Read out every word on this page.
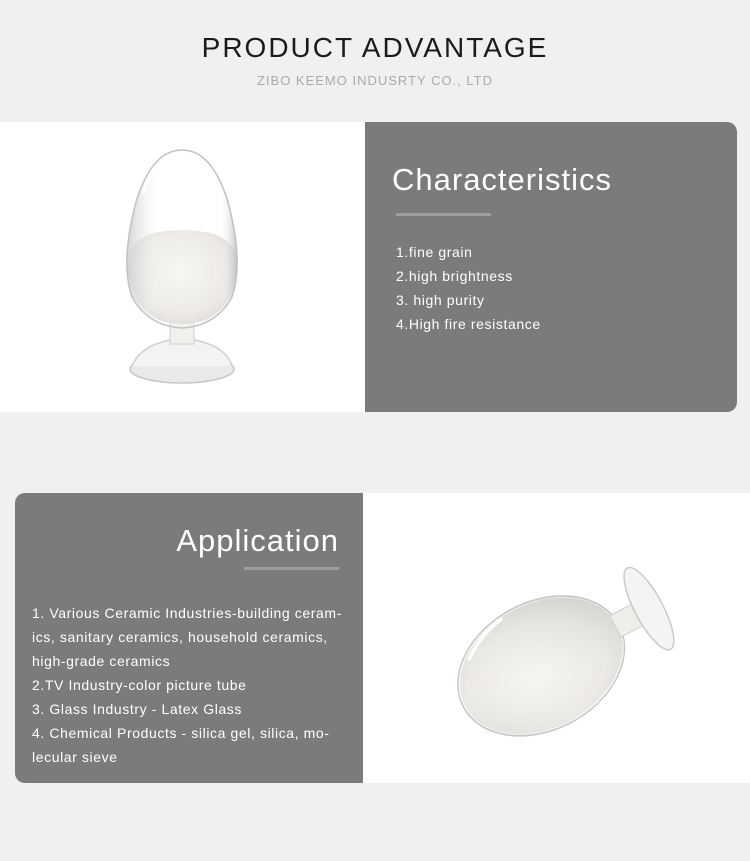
PRODUCT ADVANTAGE
ZIBO KEEMO INDUSRTY CO., LTD
Characteristics
1.fine grain
2.high brightness
3. high purity
4.High fire resistance
Application
1. Various Ceramic Industries-building ceram-
ics, sanitary ceramics, household ceramics,
high-grade ceramics
2.TV Industry-color picture tube
3. Glass Industry - Latex Glass
4. Chemical Products - silica gel, silica, mo-
lecular sieve
